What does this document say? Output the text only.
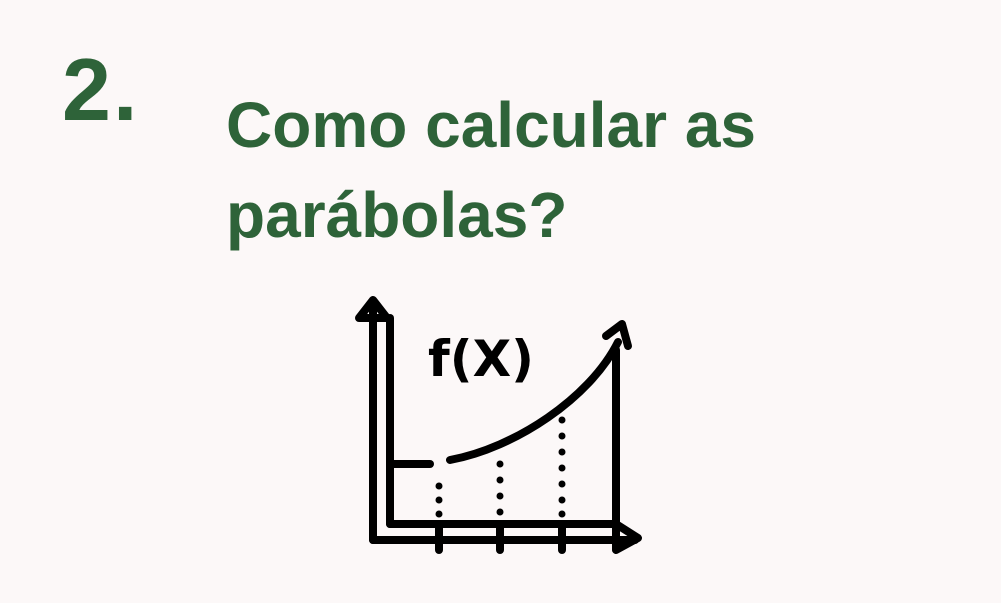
2. Como calcular as
parábolas?
f(X)
